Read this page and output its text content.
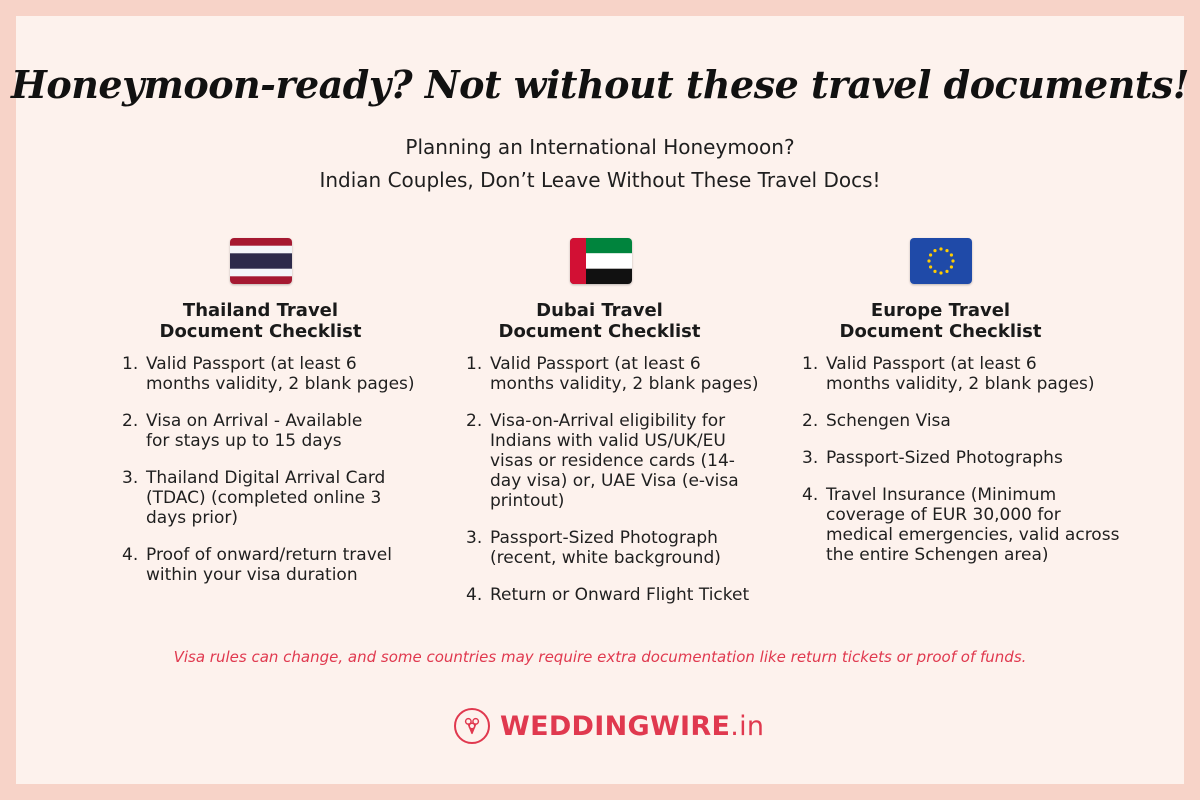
Honeymoon-ready? Not without these travel documents!

Planning an International Honeymoon?

Indian Couples, Don’t Leave Without These Travel Docs!

Thailand Travel
Document Checklist
1. Valid Passport (at least 6 months validity, 2 blank pages)
2. Visa on Arrival - Available for stays up to 15 days
3. Thailand Digital Arrival Card (TDAC) (completed online 3 days prior)
4. Proof of onward/return travel within your visa duration
Dubai Travel
Document Checklist
1. Valid Passport (at least 6 months validity, 2 blank pages)
2. Visa-on-Arrival eligibility for Indians with valid US/UK/EU visas or residence cards (14-day visa) or, UAE Visa (e-visa printout)
3. Passport-Sized Photograph (recent, white background)
4. Return or Onward Flight Ticket
Europe Travel
Document Checklist
1. Valid Passport (at least 6 months validity, 2 blank pages)
2. Schengen Visa
3. Passport-Sized Photographs
4. Travel Insurance (Minimum coverage of EUR 30,000 for medical emergencies, valid across the entire Schengen area)

Visa rules can change, and some countries may require extra documentation like return tickets or proof of funds.

WEDDINGWIRE.in
